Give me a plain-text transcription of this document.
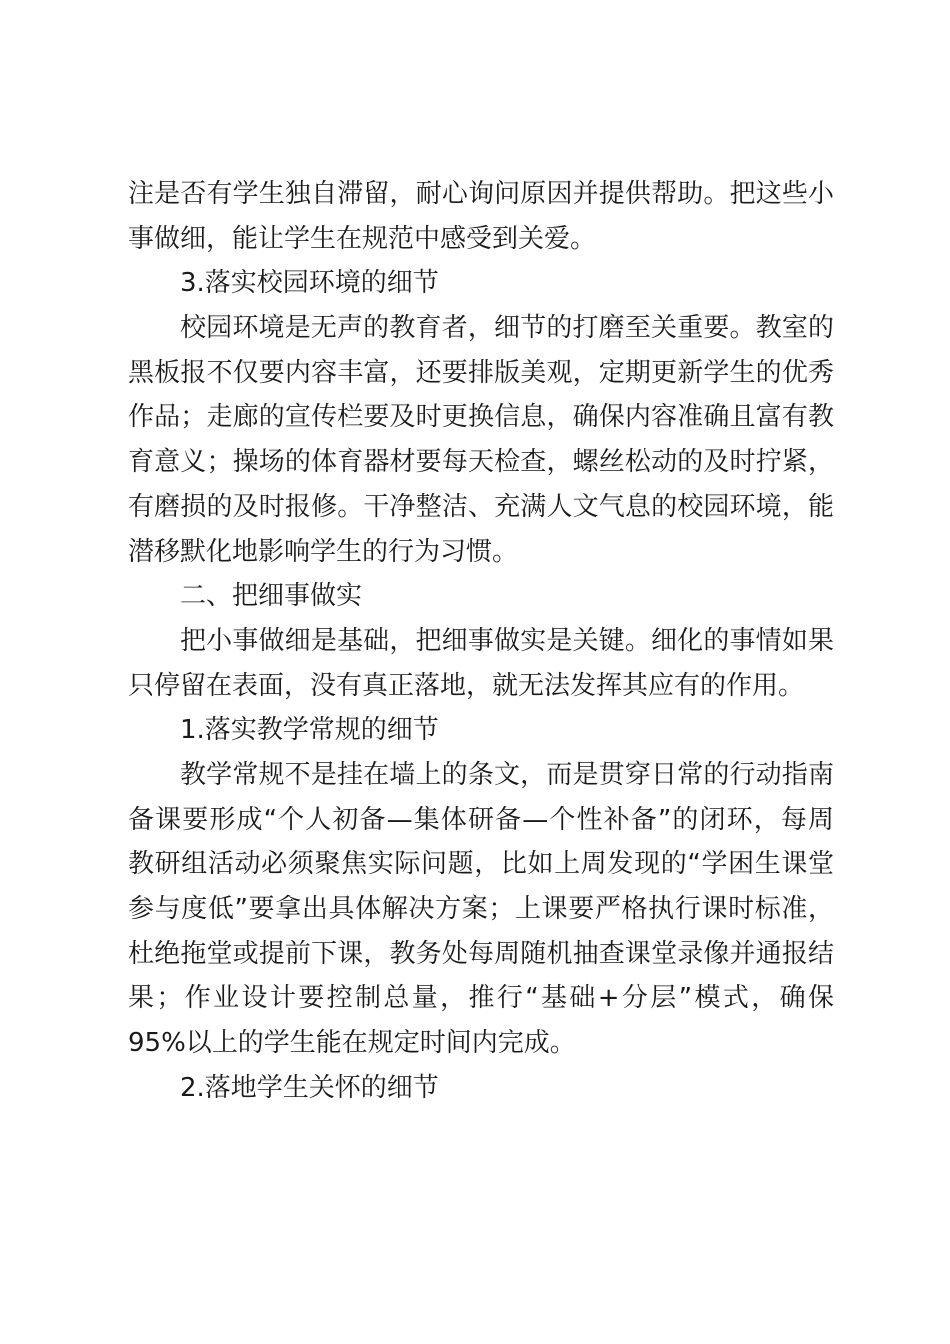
注是否有学生独自滞留，耐心询问原因并提供帮助。把这些小
事做细，能让学生在规范中感受到关爱。
3.落实校园环境的细节
校园环境是无声的教育者，细节的打磨至关重要。教室的
黑板报不仅要内容丰富，还要排版美观，定期更新学生的优秀
作品；走廊的宣传栏要及时更换信息，确保内容准确且富有教
育意义；操场的体育器材要每天检查，螺丝松动的及时拧紧，
有磨损的及时报修。干净整洁、充满人文气息的校园环境，能
潜移默化地影响学生的行为习惯。
二、把细事做实
把小事做细是基础，把细事做实是关键。细化的事情如果
只停留在表面，没有真正落地，就无法发挥其应有的作用。
1.落实教学常规的细节
教学常规不是挂在墙上的条文，而是贯穿日常的行动指南
备课要形成“个人初备—集体研备—个性补备”的闭环，每周
教研组活动必须聚焦实际问题，比如上周发现的“学困生课堂
参与度低”要拿出具体解决方案；上课要严格执行课时标准，
杜绝拖堂或提前下课，教务处每周随机抽查课堂录像并通报结
果；作业设计要控制总量，推行“基础+分层”模式，确保
95%以上的学生能在规定时间内完成。
2.落地学生关怀的细节
